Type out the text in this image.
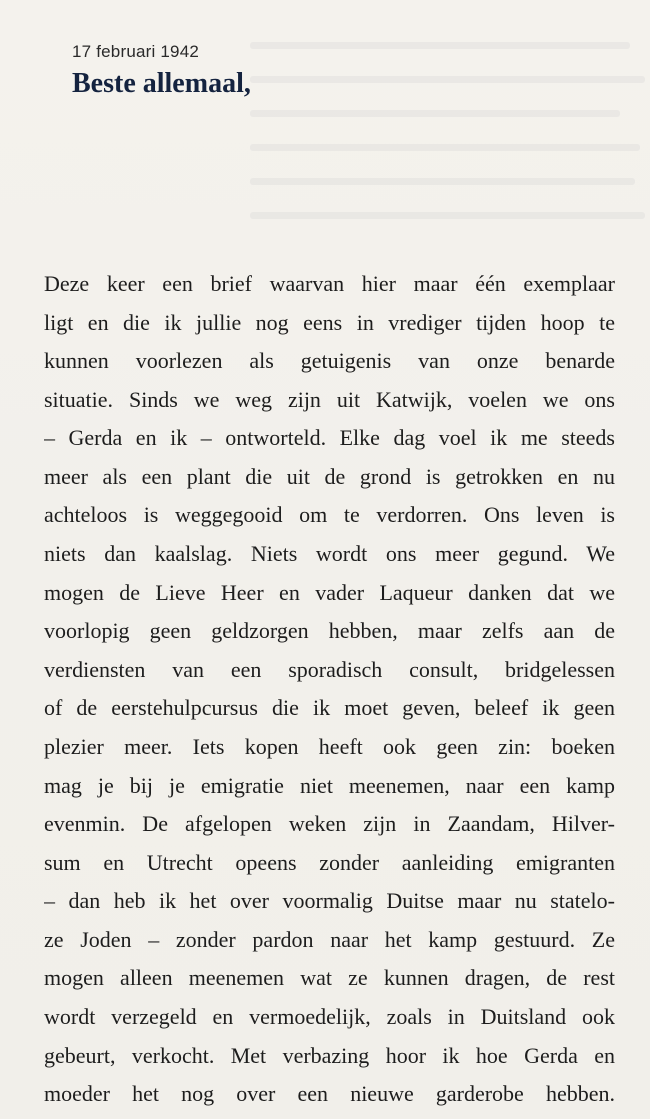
17 februari 1942
Beste allemaal,
Deze keer een brief waarvan hier maar één exemplaar
ligt en die ik jullie nog eens in vrediger tijden hoop te
kunnen voorlezen als getuigenis van onze benarde
situatie. Sinds we weg zijn uit Katwijk, voelen we ons
– Gerda en ik – ontworteld. Elke dag voel ik me steeds
meer als een plant die uit de grond is getrokken en nu
achteloos is weggegooid om te verdorren. Ons leven is
niets dan kaalslag. Niets wordt ons meer gegund. We
mogen de Lieve Heer en vader Laqueur danken dat we
voorlopig geen geldzorgen hebben, maar zelfs aan de
verdiensten van een sporadisch consult, bridgelessen
of de eerstehulpcursus die ik moet geven, beleef ik geen
plezier meer. Iets kopen heeft ook geen zin: boeken
mag je bij je emigratie niet meenemen, naar een kamp
evenmin. De afgelopen weken zijn in Zaandam, Hilver-
sum en Utrecht opeens zonder aanleiding emigranten
– dan heb ik het over voormalig Duitse maar nu statelo-
ze Joden – zonder pardon naar het kamp gestuurd. Ze
mogen alleen meenemen wat ze kunnen dragen, de rest
wordt verzegeld en vermoedelijk, zoals in Duitsland ook
gebeurt, verkocht. Met verbazing hoor ik hoe Gerda en
moeder het nog over een nieuwe garderobe hebben.
